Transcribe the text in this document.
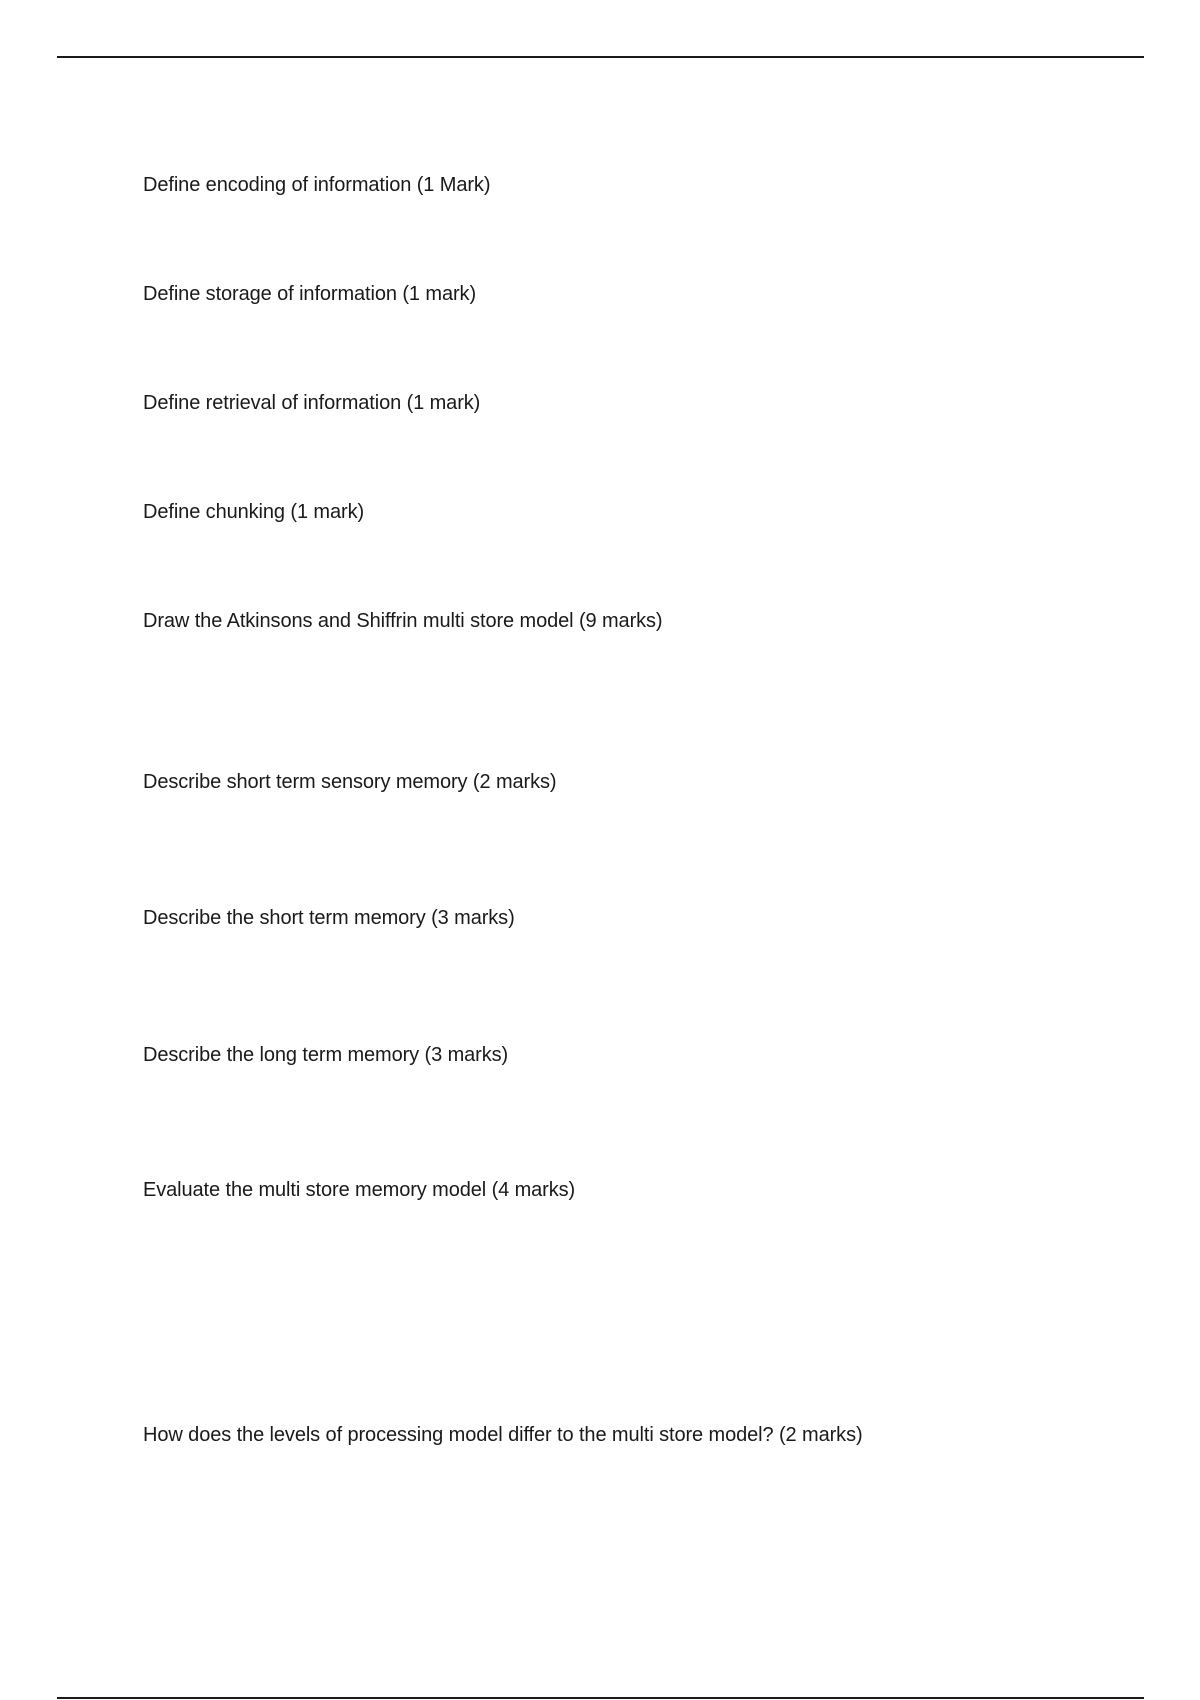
Define encoding of information (1 Mark)

Define storage of information (1 mark)

Define retrieval of information (1 mark)

Define chunking (1 mark)

Draw the Atkinsons and Shiffrin multi store model (9 marks)

Describe short term sensory memory (2 marks)

Describe the short term memory (3 marks)

Describe the long term memory (3 marks)

Evaluate the multi store memory model (4 marks)

How does the levels of processing model differ to the multi store model? (2 marks)
